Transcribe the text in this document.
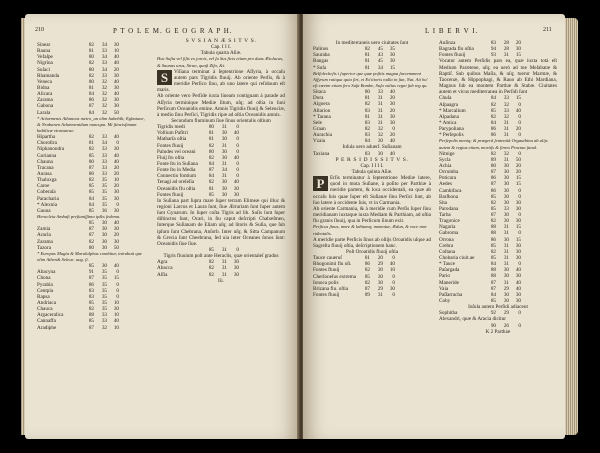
210	P T O L E M. G E O G R A P H.
Sinear	82	34	30
Rauna	81	33	10
Vefaſpe	80	34	40
Nigrina	82	33	40
Suſaci	80	34	20
Rhamanda	82	33	30
Veneca	80	32	40
Bidna	81	32	30
Alicara	84	32	40
Zarama	86	32	30
Gabona	87	32	30
Larala	84	32	50
* Achæmenis Athaneas metro_an olim habeb&; Egbatane, & Nrabanen Achæmenidum nuncupa. Mi ſtincisſimam babilicæ vtrataurae.
Hipartha	82	33	40
Choroſtra	81	34	0
Niphanondra	82	33	30
Gorianna	85	33	40
Chauna	80	33	40
Tracana	87	33	20
Aurasa	86	33	20
Thaluxga	82	35	10
Caroe	85	35	20
Coberaſa	85	35	30
Paracharia	84	35	30
* Alexnia	84	35	0
Gauna	85	36	30
Heracleia Ambaſt preſtantſſima ip&s ſedema.
85	30	40
Zamia	87	30	30
Aracla	87	30	20
Zarama	82	30	30
Tazora	80	30	50
* Europus Magia & Maralalphus combitur, intrabuit que olim Athen& Seleuc. aug. ſi.
85	30	40
Abacyna	91	35	0
Chona	87	35	15
Pyrabla	86	35	0
Centpla	83	35	0
Rapsa	83	35	0
Andriaca	85	35	10
Chauca	82	35	30
Argaceralica	88	33	10
Cannaffa	85	33	40
Aradiphe	87	32	10
S V S I A N Æ S I T V S.
Cap. I I I.
Tabula quarta Aſiæ.
Hac Suſia vel ſiſis ex jorcis, vel ſu Sus ficis etiam pro duas Ætolucas, & Saunas urus, Sirun, quaſi Ziſa, &t.
S	Viſiana terminat à ſeptentrione Aſſyria, à occaſu autem pars Tigridis fluuij. Ab oriente Perſis, & à meridie Perſico ſinu, ab uno latere qui reſiduum eſt maris.
Ab oriente vero Perſide iuxta lineam contiguam à parade ad Aſſyria terminique Mediæ ſitum, uſq; ad oſtia in ſuni Perſicum Oceanidis emine. Amnis Tigridis fluuij & Seleuciæ, à medio ſinu Perſici, Tigridis ripæ ad oſtia Oceanidis amnis.
Secundum fluminum ſiue ſinus orientalis oſtium
Tigridis medi	80	31	0
Vollium Pafitri	81	30	40
Matharſa oſtia	81	30	0
Fontes fluuij	82	31	0
Paludes vel oceani	80	30	0
Fluij ſtu oſtia	82	30	40
Fonte ſtu in Suſiana	84	31	0
Fonte ſtu in Media	87	34	0
Connectio fontium	84	31	0
Tenagi ad oreſeſia	82	30	40
Oceanidis flu oſtia	81	30	30
Fontes fluuij	85	30	30
In Suſiana part ſupra mare ſuper terram Elimeæ qui illuc & regioni Larcus et Laura ſunt, ſiue Ætruriam ſunt ſuper autem ſunt Gynarum. In ſuper coſta Tigris ad lib. Suſis ſunt ſuper diſtinctos ſunt, Ocari, in ſtu caput deſcripti Chabæſmen, Interque Suſianam de Eliam uſq; ad litoris & Suſia, que ſub ipſum ſunt Chebrana, Anſorb. Inter uſq; & Sitta Campanum & Grecia ſunt Cheebrana, ſed uia inter Oceanes ſonos ſunt: Oceanidis ſiue ſiue.
85	31	0
Tigris fluuium poſt ante Heraclis, quæ orientaleſ gradus
Agra	82	31	30
Abacca	82	31	30
Aſſia	82	31	30
Iii.
L I B E R V I.	211
In mediterraneis uero ciuitates ſunt
Palinos	82	45	35
Sauraba	81	43	30
Bangas	81	45	30
* Suſa	81	34	15
Belſolecheſis i ſuperior que quæ poſitis magna ſurcemment Aſſyrum ratiqua quia ſirt, et Ex'itioris nulla in ſun, Nat. Ait hu' eſt cæeim etiam ſerx Suſa Bombe, Suſa vultus regni ſub reg qu.
Sitaca	80	33	40
Dora	81	31	20
Algoera	82	31	30
Aſtarion	83	31	20
* Tarana	81	31	30
Sele	83	31	30
Graan	82	32	0
Aurachia	83	32	20
Vzaia	84	30	40
Inſula uero aduerſ. Suſianam
Taxiana	83	30	40
P E R S I D I S S I T V S.
Cap. I I I I.
Tabula quinta Aſiæ.
P	Erſis terminatur à ſeptentrione Mediæ latere, quod in mota Suſiane, à poſito per Parthiæ à meridie partem, & loca occidentali, ea quæ ab occaſu ſuis quae ſuper eſt Suſianæ ſinu Perſici ſunt, ab ſuo latere à occidente ſuis, vt in Carmania.
Ab oriente Carmania, & à meridie cum Perſis ſuper ſinu meridianam iuxtaque iuxta Mediam & Parthiam, ad oſtia flu granis ſluuij, qua in Perſicum ſinum exit.
Perſicus ſinus, more & labiumq; momotur, Ædun, & voce mor ridentalis.
A meridie parte Perſicis ſinus ab oſtijs Oroatidis uſque ad Sagreſta fluuij oſtia, deſcriptionem hanc.
Poſt Oroatidis fluuij oſtia
Tauce caueruſ	81	20	0
Rhogonimi flu oſt.	86	29	40
Fontes fluuij	82	30	10
Cherſoneſus extrema	85	30	0
Ionoca polis	82	30	0
Brizana flu. oſtia	87	29	30
Fontes fluuij	89	31	0
Auſinza	83	28	20
Bagrada flu oſtia	94	28	30
Fontes fluuij	93	31	15
Vocatur autem Perſidis pars ea, quæ iuxta totà eſt Medium Parætene, uſq; ea uerò ad me Meſabatæ & Raptiſ. Sub quibus Maſia, & uſq; tuerur Marmæ, & Taocenæ, & Hippophagi, & Rauo ab Ethi Mardiana, Magnus ſub ea montem Parthæ & Stabæ. Ciuitates autem et vicus mediterranea in Perſidi ſunt
Chuſa	84	33	15
Aſpaagra	82	32	0
* Marcalium	85	33	40
Alpadana	82	32	0
* Amica	84	31	0
Parypoliana	86	31	20
* Perſepolis	86	31	0
Perſepolis mentq; & prægerâ ſententiâ Orgauthina ab alijs autem & regius etiam, mortiſs & ſirmo Pracma fanal.
Nitnige	82	32	0
Sycla	89	31	50
Achia	80	30	20
Ocrumba	87	30	20
Poticara	86	30	15
Aedes	87	30	15
Cambifaca	86	30	0
Barſhona	85	30	0
Sita	82	30	30
Parodana	85	33	30
Tarba	87	30	0
Tragonice	82	30	30
Nagaria	88	31	15
Gabroma	88	31	0
Orrona	86	30	15
Crebra	85	31	30
Coſtana	82	31	30
Chobaria ciuit.ae	85	31	30
* Tauce	84	31	0
Paſargada	88	30	40
Pario	88	30	30
Maneride	87	31	40
Vaia	87	29	40
Paſſarracha	84	30	30
Coby	85	30	30
Inſula autem Perſidi adiacent
Sophitha	92	29	0
Alexandri, quæ & Aracia dicitur
90	26	0
K 2 Parthiæ
